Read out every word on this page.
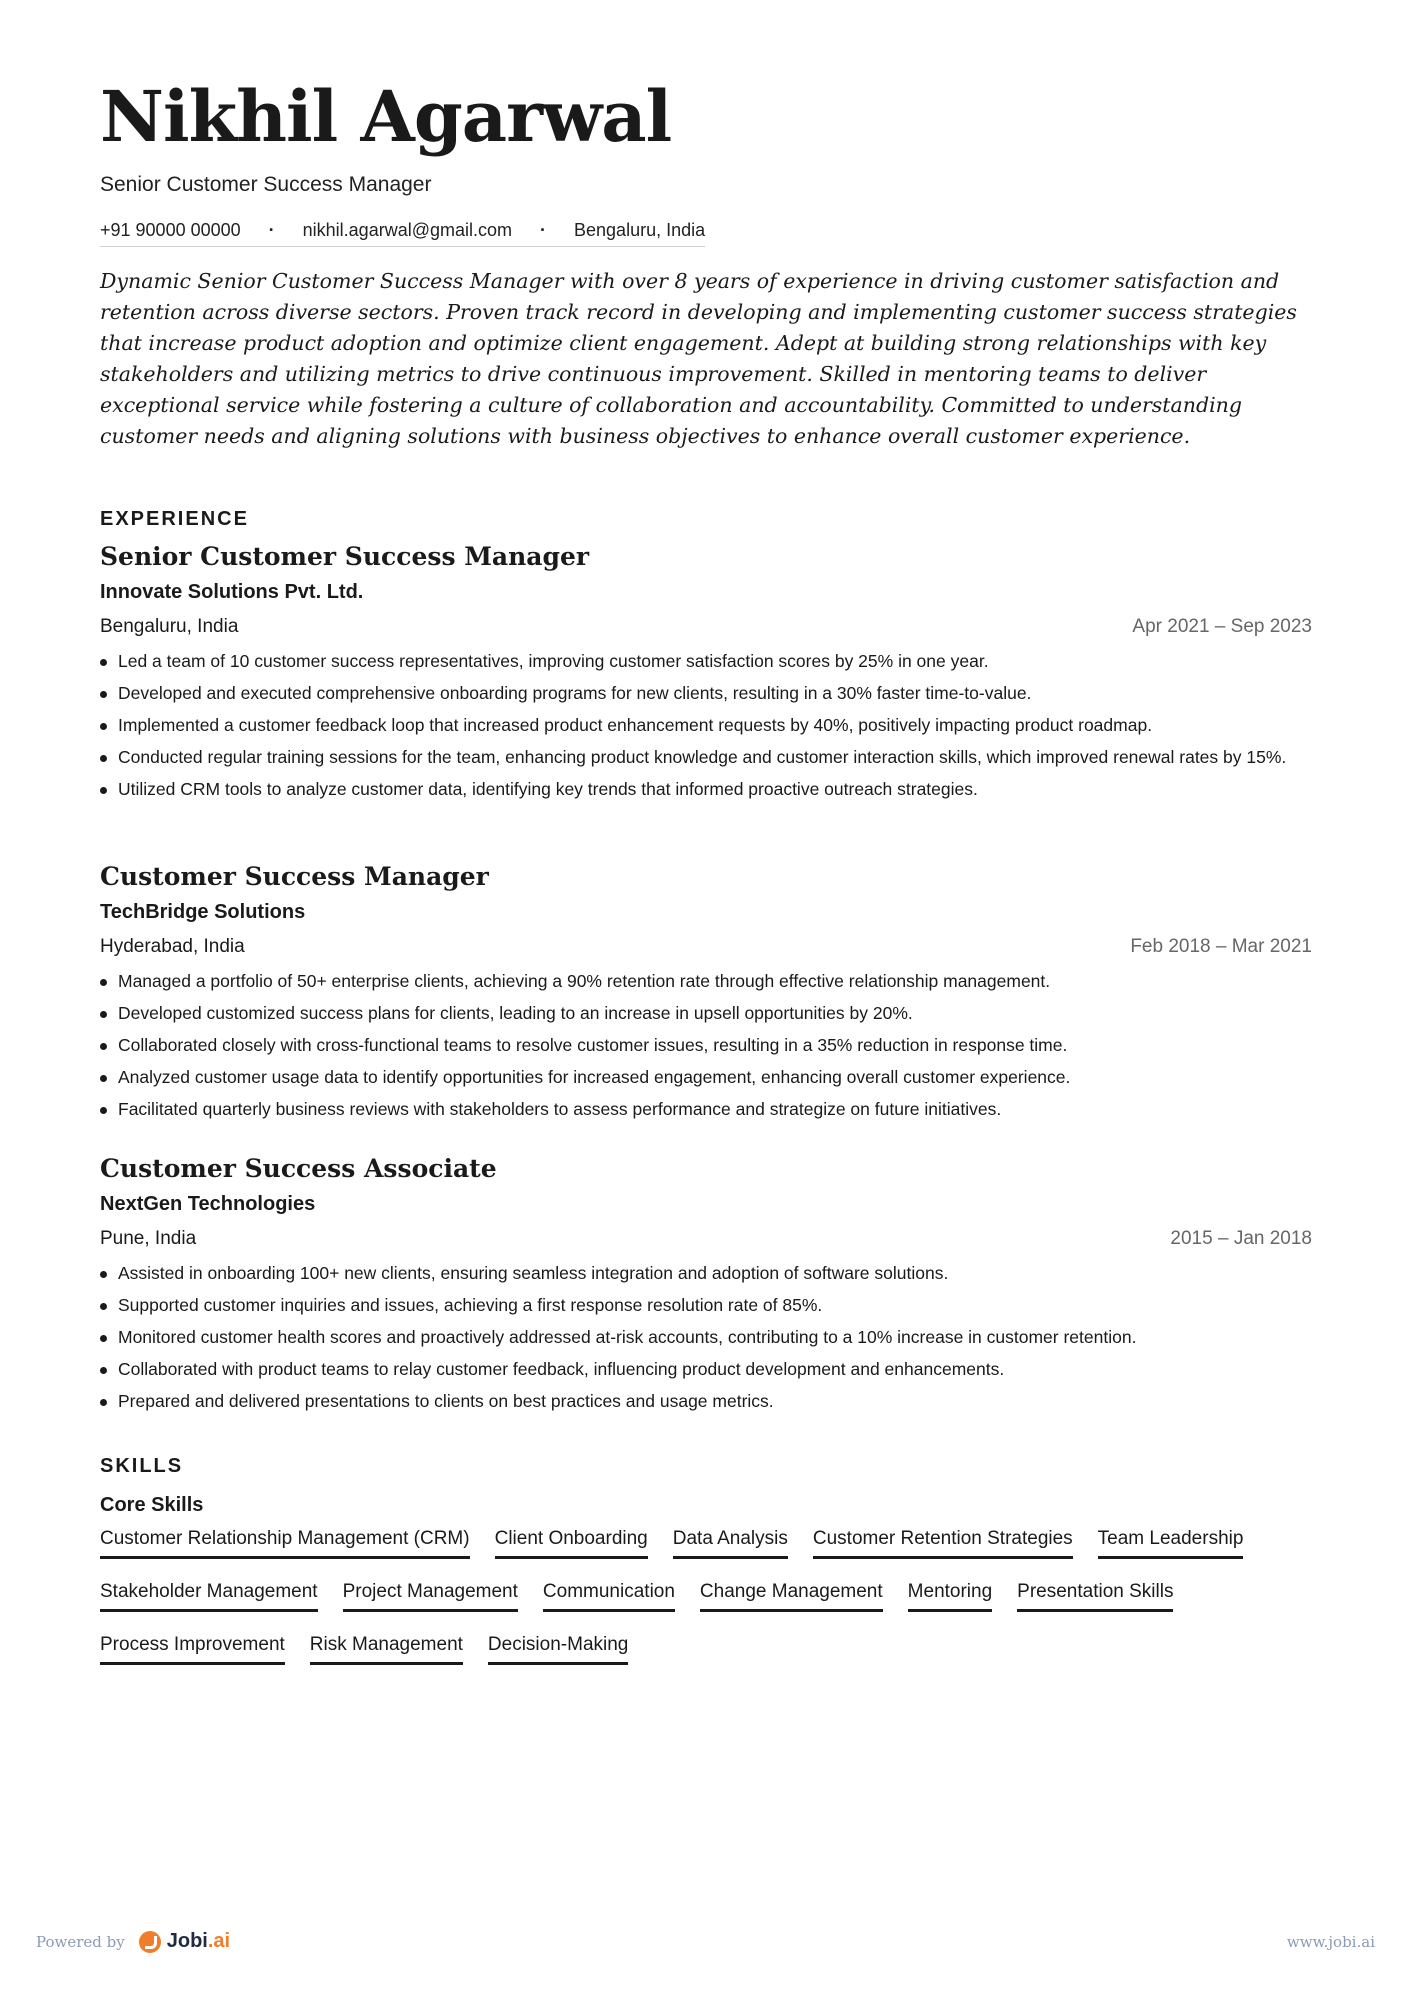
Nikhil Agarwal
Senior Customer Success Manager
+91 90000 00000 · nikhil.agarwal@gmail.com · Bengaluru, India

Dynamic Senior Customer Success Manager with over 8 years of experience in driving customer satisfaction and retention across diverse sectors. Proven track record in developing and implementing customer success strategies that increase product adoption and optimize client engagement. Adept at building strong relationships with key stakeholders and utilizing metrics to drive continuous improvement. Skilled in mentoring teams to deliver exceptional service while fostering a culture of collaboration and accountability. Committed to understanding customer needs and aligning solutions with business objectives to enhance overall customer experience.

EXPERIENCE
Senior Customer Success Manager
Innovate Solutions Pvt. Ltd.
Bengaluru, India	Apr 2021 – Sep 2023
Led a team of 10 customer success representatives, improving customer satisfaction scores by 25% in one year.
Developed and executed comprehensive onboarding programs for new clients, resulting in a 30% faster time-to-value.
Implemented a customer feedback loop that increased product enhancement requests by 40%, positively impacting product roadmap.
Conducted regular training sessions for the team, enhancing product knowledge and customer interaction skills, which improved renewal rates by 15%.
Utilized CRM tools to analyze customer data, identifying key trends that informed proactive outreach strategies.
Customer Success Manager
TechBridge Solutions
Hyderabad, India	Feb 2018 – Mar 2021
Managed a portfolio of 50+ enterprise clients, achieving a 90% retention rate through effective relationship management.
Developed customized success plans for clients, leading to an increase in upsell opportunities by 20%.
Collaborated closely with cross-functional teams to resolve customer issues, resulting in a 35% reduction in response time.
Analyzed customer usage data to identify opportunities for increased engagement, enhancing overall customer experience.
Facilitated quarterly business reviews with stakeholders to assess performance and strategize on future initiatives.
Customer Success Associate
NextGen Technologies
Pune, India	2015 – Jan 2018
Assisted in onboarding 100+ new clients, ensuring seamless integration and adoption of software solutions.
Supported customer inquiries and issues, achieving a first response resolution rate of 85%.
Monitored customer health scores and proactively addressed at-risk accounts, contributing to a 10% increase in customer retention.
Collaborated with product teams to relay customer feedback, influencing product development and enhancements.
Prepared and delivered presentations to clients on best practices and usage metrics.
SKILLS
Core Skills
Customer Relationship Management (CRM) Client Onboarding Data Analysis Customer Retention Strategies Team Leadership
Stakeholder Management Project Management Communication Change Management Mentoring Presentation Skills
Process Improvement Risk Management Decision-Making
Powered by Jobi.ai	www.jobi.ai
